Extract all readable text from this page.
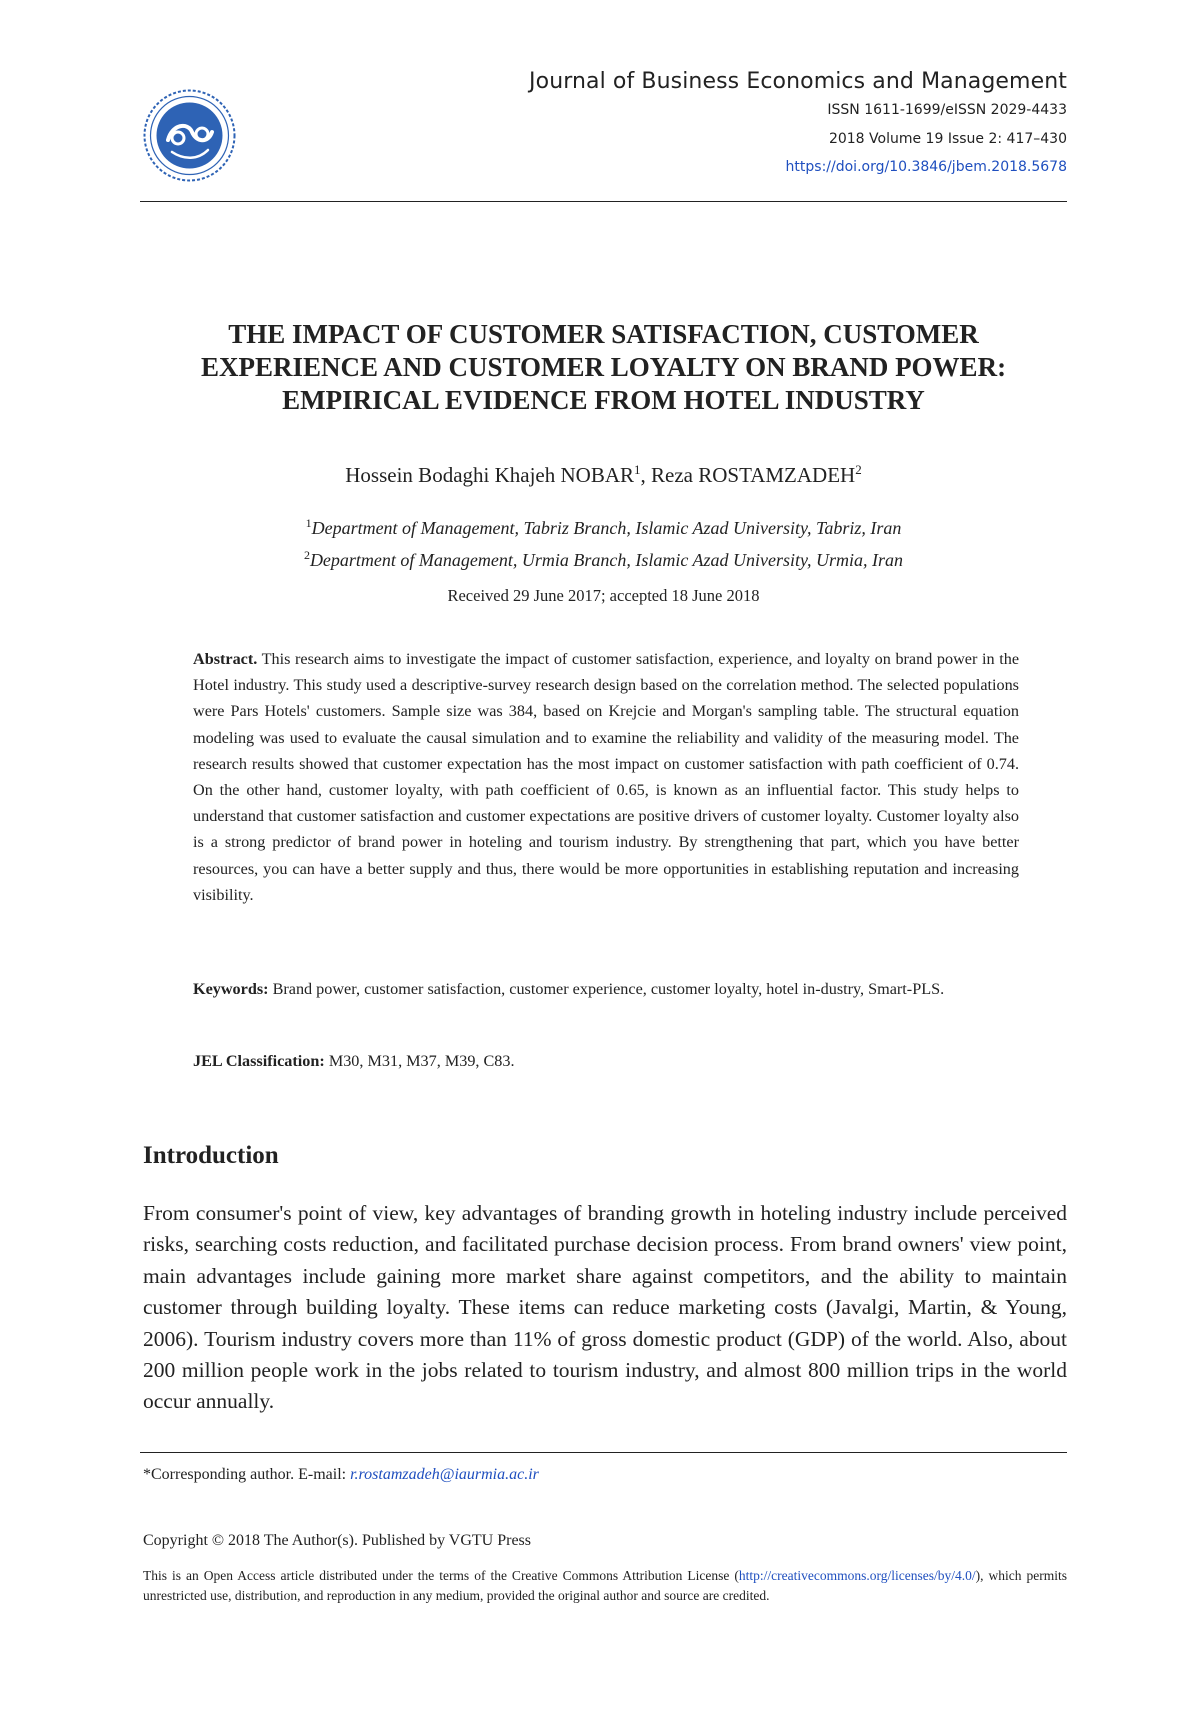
Journal of Business Economics and Management
ISSN 1611-1699/eISSN 2029-4433
2018 Volume 19 Issue 2: 417–430
https://doi.org/10.3846/jbem.2018.5678
THE IMPACT OF CUSTOMER SATISFACTION, CUSTOMER EXPERIENCE AND CUSTOMER LOYALTY ON BRAND POWER: EMPIRICAL EVIDENCE FROM HOTEL INDUSTRY
Hossein Bodaghi Khajeh NOBAR$^1$, Reza ROSTAMZADEH$^2$
$^1$Department of Management, Tabriz Branch, Islamic Azad University, Tabriz, Iran
$^2$Department of Management, Urmia Branch, Islamic Azad University, Urmia, Iran
Received 29 June 2017; accepted 18 June 2018
Abstract. This research aims to investigate the impact of customer satisfaction, experience, and loyalty on brand power in the Hotel industry. This study used a descriptive-survey research design based on the correlation method. The selected populations were Pars Hotels' customers. Sample size was 384, based on Krejcie and Morgan's sampling table. The structural equation modeling was used to evaluate the causal simulation and to examine the reliability and validity of the measuring model. The research results showed that customer expectation has the most impact on customer satisfaction with path coefficient of 0.74. On the other hand, customer loyalty, with path coefficient of 0.65, is known as an influential factor. This study helps to understand that customer satisfaction and customer expectations are positive drivers of customer loyalty. Customer loyalty also is a strong predictor of brand power in hoteling and tourism industry. By strengthening that part, which you have better resources, you can have a better supply and thus, there would be more opportunities in establishing reputation and increasing visibility.
Keywords: Brand power, customer satisfaction, customer experience, customer loyalty, hotel in-dustry, Smart-PLS.
JEL Classification: M30, M31, M37, M39, C83.
Introduction
From consumer's point of view, key advantages of branding growth in hoteling industry include perceived risks, searching costs reduction, and facilitated purchase decision process. From brand owners' view point, main advantages include gaining more market share against competitors, and the ability to maintain customer through building loyalty. These items can reduce marketing costs (Javalgi, Martin, & Young, 2006). Tourism industry covers more than 11% of gross domestic product (GDP) of the world. Also, about 200 million people work in the jobs related to tourism industry, and almost 800 million trips in the world occur annually.
*Corresponding author. E-mail: r.rostamzadeh@iaurmia.ac.ir
Copyright © 2018 The Author(s). Published by VGTU Press
This is an Open Access article distributed under the terms of the Creative Commons Attribution License (http://creativecommons.org/licenses/by/4.0/), which permits unrestricted use, distribution, and reproduction in any medium, provided the original author and source are credited.
